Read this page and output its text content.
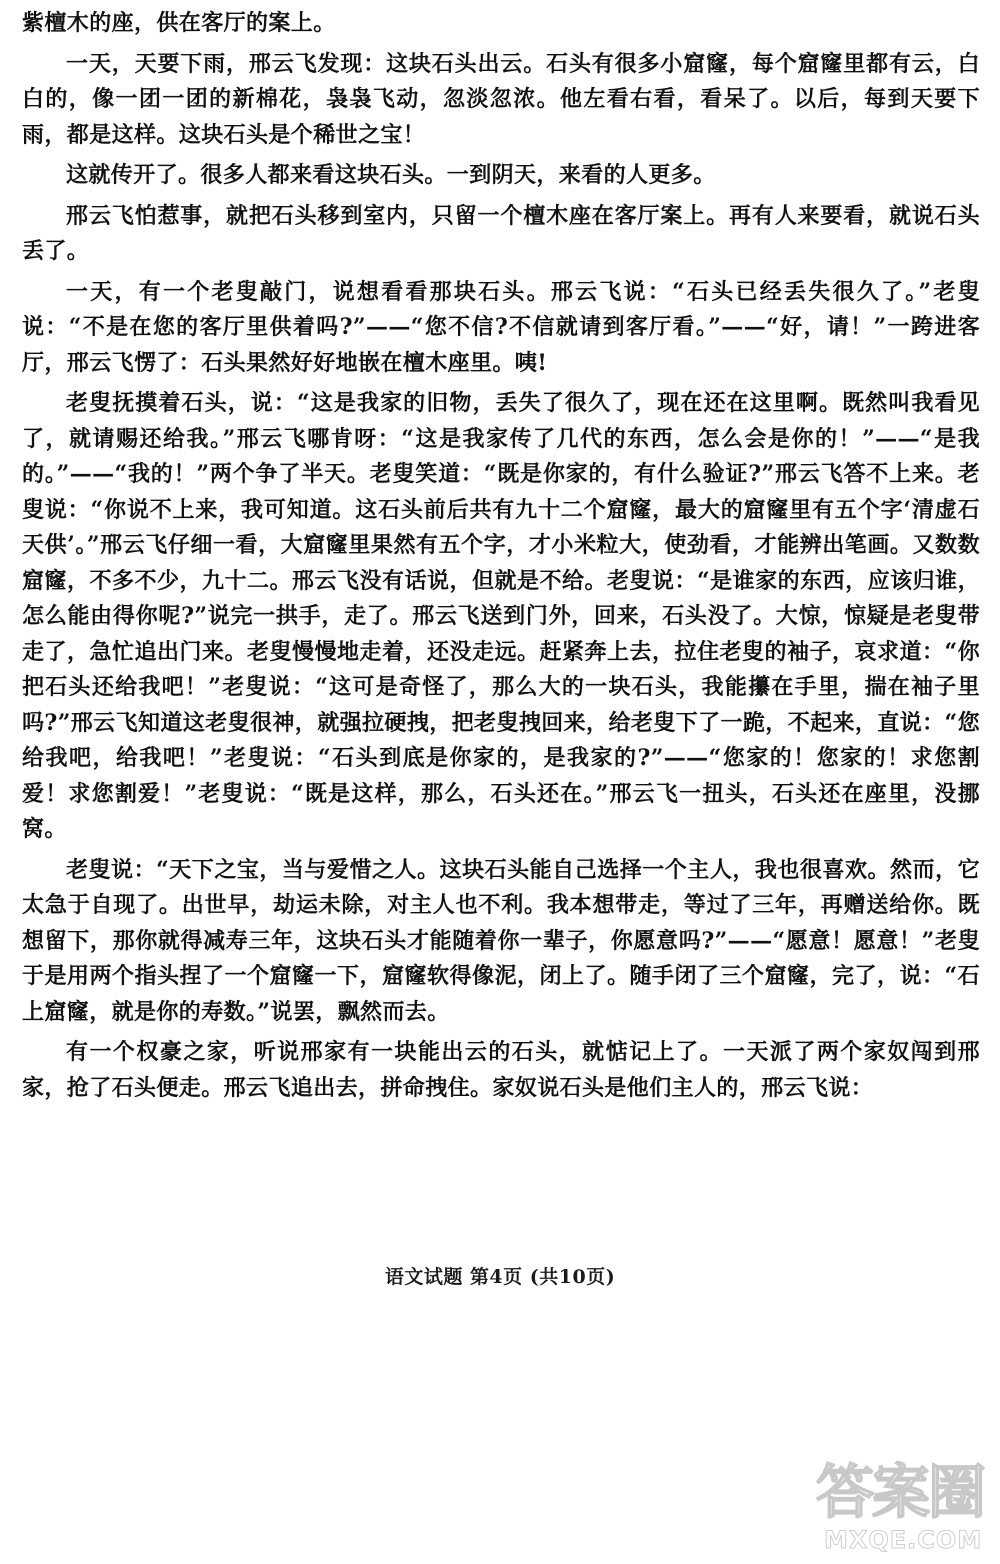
紫檀木的座，供在客厅的案上。

一天，天要下雨，邢云飞发现：这块石头出云。石头有很多小窟窿，每个窟窿里都有云，白白的，像一团一团的新棉花，袅袅飞动，忽淡忽浓。他左看右看，看呆了。以后，每到天要下雨，都是这样。这块石头是个稀世之宝！

这就传开了。很多人都来看这块石头。一到阴天，来看的人更多。

邢云飞怕惹事，就把石头移到室内，只留一个檀木座在客厅案上。再有人来要看，就说石头丢了。

一天，有一个老叟敲门，说想看看那块石头。邢云飞说：“石头已经丢失很久了。”老叟说：“不是在您的客厅里供着吗?”——“您不信?不信就请到客厅看。”——“好，请！”一跨进客厅，邢云飞愣了：石头果然好好地嵌在檀木座里。咦!

老叟抚摸着石头，说：“这是我家的旧物，丢失了很久了，现在还在这里啊。既然叫我看见了，就请赐还给我。”邢云飞哪肯呀：“这是我家传了几代的东西，怎么会是你的！”——“是我的。”——“我的！”两个争了半天。老叟笑道：“既是你家的，有什么验证?”邢云飞答不上来。老叟说：“你说不上来，我可知道。这石头前后共有九十二个窟窿，最大的窟窿里有五个字‘清虚石天供’。”邢云飞仔细一看，大窟窿里果然有五个字，才小米粒大，使劲看，才能辨出笔画。又数数窟窿，不多不少，九十二。邢云飞没有话说，但就是不给。老叟说：“是谁家的东西，应该归谁，怎么能由得你呢?”说完一拱手，走了。邢云飞送到门外，回来，石头没了。大惊，惊疑是老叟带走了，急忙追出门来。老叟慢慢地走着，还没走远。赶紧奔上去，拉住老叟的袖子，哀求道：“你把石头还给我吧！”老叟说：“这可是奇怪了，那么大的一块石头，我能攥在手里，揣在袖子里吗?”邢云飞知道这老叟很神，就强拉硬拽，把老叟拽回来，给老叟下了一跪，不起来，直说：“您给我吧，给我吧！”老叟说：“石头到底是你家的，是我家的?”——“您家的！您家的！求您割爱！求您割爱！”老叟说：“既是这样，那么，石头还在。”邢云飞一扭头，石头还在座里，没挪窝。

老叟说：“天下之宝，当与爱惜之人。这块石头能自己选择一个主人，我也很喜欢。然而，它太急于自现了。出世早，劫运未除，对主人也不利。我本想带走，等过了三年，再赠送给你。既想留下，那你就得减寿三年，这块石头才能随着你一辈子，你愿意吗?”——“愿意！愿意！”老叟于是用两个指头捏了一个窟窿一下，窟窿软得像泥，闭上了。随手闭了三个窟窿，完了，说：“石上窟窿，就是你的寿数。”说罢，飘然而去。

有一个权豪之家，听说邢家有一块能出云的石头，就惦记上了。一天派了两个家奴闯到邢家，抢了石头便走。邢云飞追出去，拼命拽住。家奴说石头是他们主人的，邢云飞说：

语文试题 第4页 (共10页)
答案圈
MXQE.COM
